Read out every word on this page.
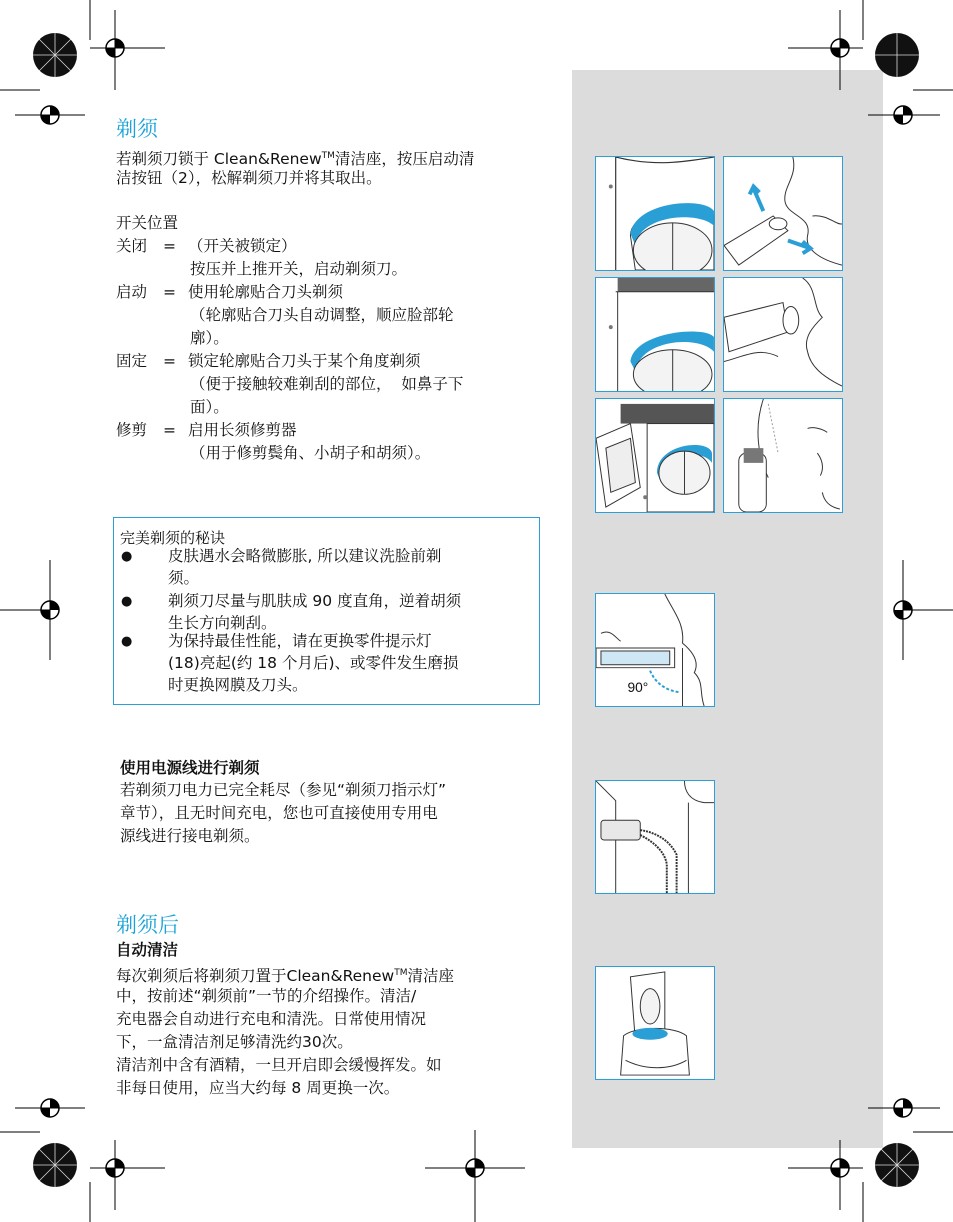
剃须
若剃须刀锁于 Clean&Renew™清洁座，按压启动清
洁按钮（2），松解剃须刀并将其取出。
开关位置
关闭 = （开关被锁定）
按压并上推开关，启动剃须刀。
启动 = 使用轮廓贴合刀头剃须
（轮廓贴合刀头自动调整，顺应脸部轮
廓）。
固定 = 锁定轮廓贴合刀头于某个角度剃须
（便于接触较难剃刮的部位，  如鼻子下
面）。
修剪 = 启用长须修剪器
（用于修剪鬓角、小胡子和胡须）。
完美剃须的秘诀
● 皮肤遇水会略微膨胀, 所以建议洗脸前剃
须。
● 剃须刀尽量与肌肤成 90 度直角，逆着胡须
生长方向剃刮。
● 为保持最佳性能，请在更换零件提示灯
(18)亮起(约 18 个月后)、或零件发生磨损
时更换网膜及刀头。
使用电源线进行剃须
若剃须刀电力已完全耗尽（参见“剃须刀指示灯”
章节），且无时间充电，您也可直接使用专用电
源线进行接电剃须。
剃须后
自动清洁
每次剃须后将剃须刀置于Clean&Renew™清洁座
中，按前述“剃须前”一节的介绍操作。清洁/
充电器会自动进行充电和清洗。日常使用情况
下，一盒清洁剂足够清洗约30次。
清洁剂中含有酒精，一旦开启即会缓慢挥发。如
非每日使用，应当大约每 8 周更换一次。
90°
